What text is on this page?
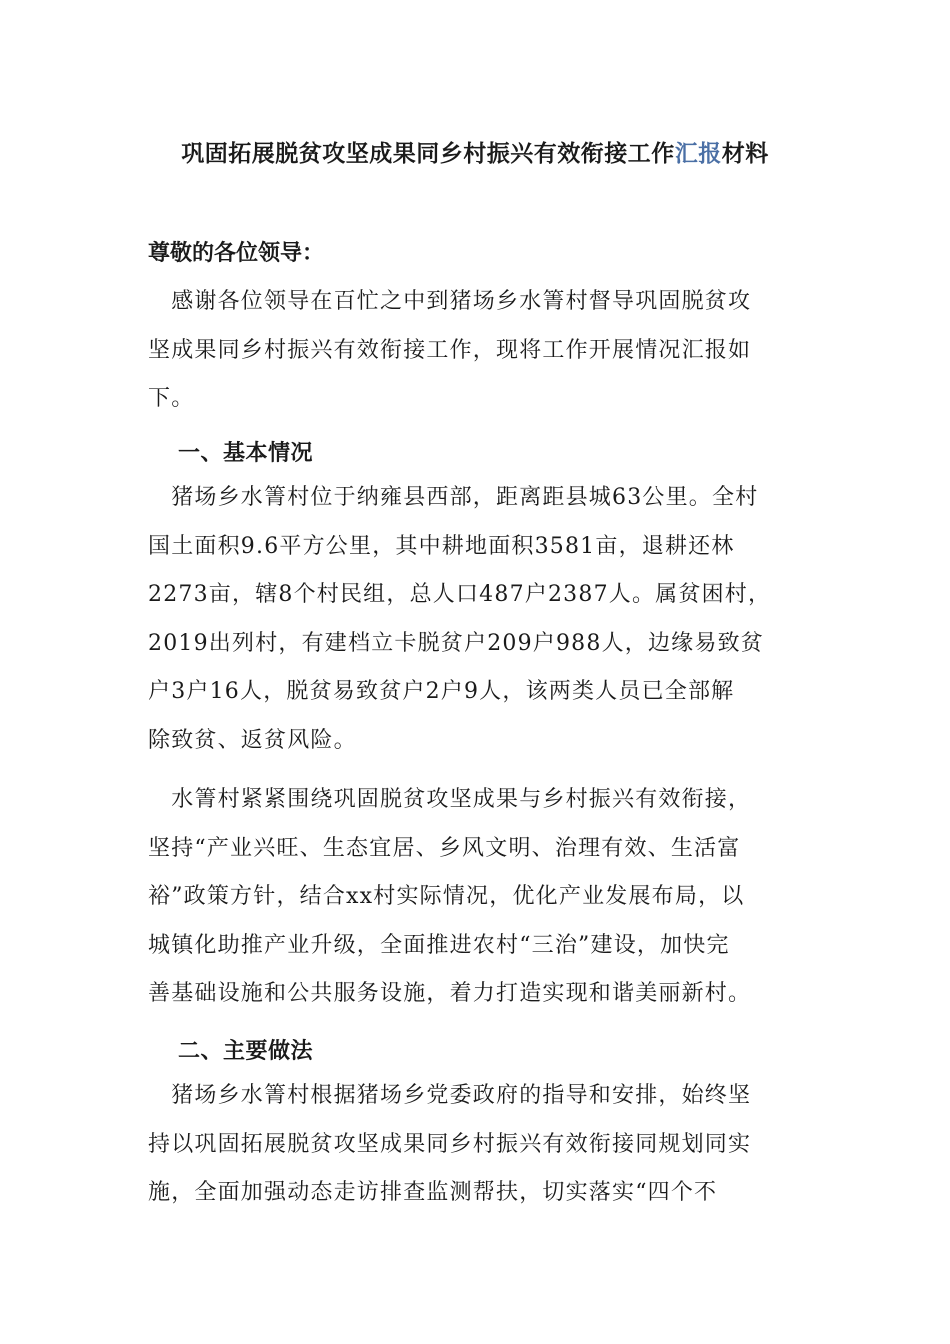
巩固拓展脱贫攻坚成果同乡村振兴有效衔接工作汇报材料
尊敬的各位领导：

　感谢各位领导在百忙之中到猪场乡水箐村督导巩固脱贫攻
坚成果同乡村振兴有效衔接工作，现将工作开展情况汇报如
下。

一、基本情况

　猪场乡水箐村位于纳雍县西部，距离距县城63公里。全村
国土面积9.6平方公里，其中耕地面积3581亩，退耕还林
2273亩，辖8个村民组，总人口487户2387人。属贫困村，
2019出列村，有建档立卡脱贫户209户988人，边缘易致贫
户3户16人，脱贫易致贫户2户9人，该两类人员已全部解
除致贫、返贫风险。

　水箐村紧紧围绕巩固脱贫攻坚成果与乡村振兴有效衔接，
坚持“产业兴旺、生态宜居、乡风文明、治理有效、生活富
裕”政策方针，结合xx村实际情况，优化产业发展布局，以
城镇化助推产业升级，全面推进农村“三治”建设，加快完
善基础设施和公共服务设施，着力打造实现和谐美丽新村。

二、主要做法

　猪场乡水箐村根据猪场乡党委政府的指导和安排，始终坚
持以巩固拓展脱贫攻坚成果同乡村振兴有效衔接同规划同实
施，全面加强动态走访排查监测帮扶，切实落实“四个不
